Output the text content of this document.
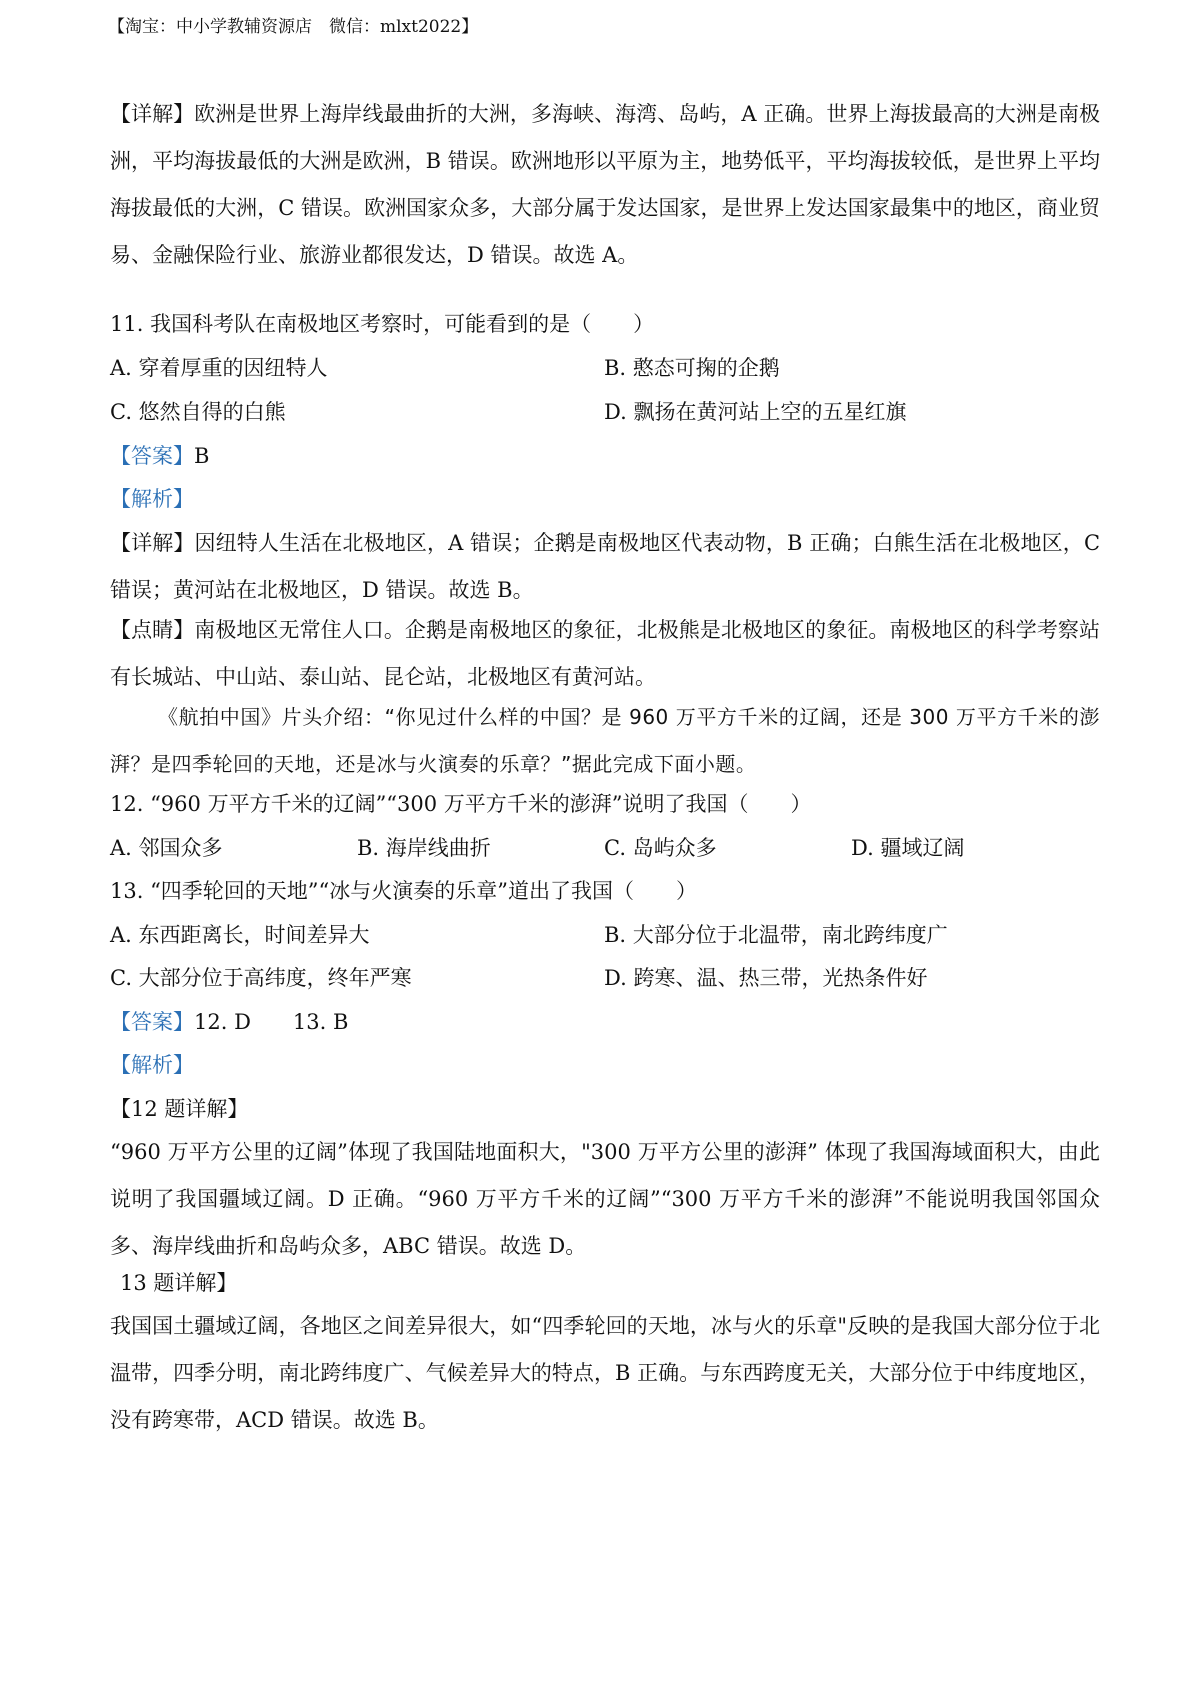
【淘宝：中小学教辅资源店　微信：mlxt2022】
【详解】欧洲是世界上海岸线最曲折的大洲，多海峡、海湾、岛屿，A 正确。世界上海拔最高的大洲是南极洲，平均海拔最低的大洲是欧洲，B 错误。欧洲地形以平原为主，地势低平，平均海拔较低，是世界上平均海拔最低的大洲，C 错误。欧洲国家众多，大部分属于发达国家，是世界上发达国家最集中的地区，商业贸易、金融保险行业、旅游业都很发达，D 错误。故选 A。
11. 我国科考队在南极地区考察时，可能看到的是（　　）
A. 穿着厚重的因纽特人	B. 憨态可掬的企鹅
C. 悠然自得的白熊	D. 飘扬在黄河站上空的五星红旗
【答案】B
【解析】
【详解】因纽特人生活在北极地区，A 错误；企鹅是南极地区代表动物，B 正确；白熊生活在北极地区，C 错误；黄河站在北极地区，D 错误。故选 B。
【点睛】南极地区无常住人口。企鹅是南极地区的象征，北极熊是北极地区的象征。南极地区的科学考察站有长城站、中山站、泰山站、昆仑站，北极地区有黄河站。
《航拍中国》片头介绍：“你见过什么样的中国？是 960 万平方千米的辽阔，还是 300 万平方千米的澎湃？是四季轮回的天地，还是冰与火演奏的乐章？”据此完成下面小题。
12. “960 万平方千米的辽阔”“300 万平方千米的澎湃”说明了我国（　　）
A. 邻国众多	B. 海岸线曲折	C. 岛屿众多	D. 疆域辽阔
13. “四季轮回的天地”“冰与火演奏的乐章”道出了我国（　　）
A. 东西距离长，时间差异大	B. 大部分位于北温带，南北跨纬度广
C. 大部分位于高纬度，终年严寒	D. 跨寒、温、热三带，光热条件好
【答案】12. D　　13. B
【解析】
【12 题详解】
“960 万平方公里的辽阔”体现了我国陆地面积大，"300 万平方公里的澎湃” 体现了我国海域面积大，由此说明了我国疆域辽阔。D 正确。“960 万平方千米的辽阔”“300 万平方千米的澎湃”不能说明我国邻国众多、海岸线曲折和岛屿众多，ABC 错误。故选 D。
13 题详解】
我国国土疆域辽阔，各地区之间差异很大，如“四季轮回的天地，冰与火的乐章"反映的是我国大部分位于北温带，四季分明，南北跨纬度广、气候差异大的特点，B 正确。与东西跨度无关，大部分位于中纬度地区，没有跨寒带，ACD 错误。故选 B。
